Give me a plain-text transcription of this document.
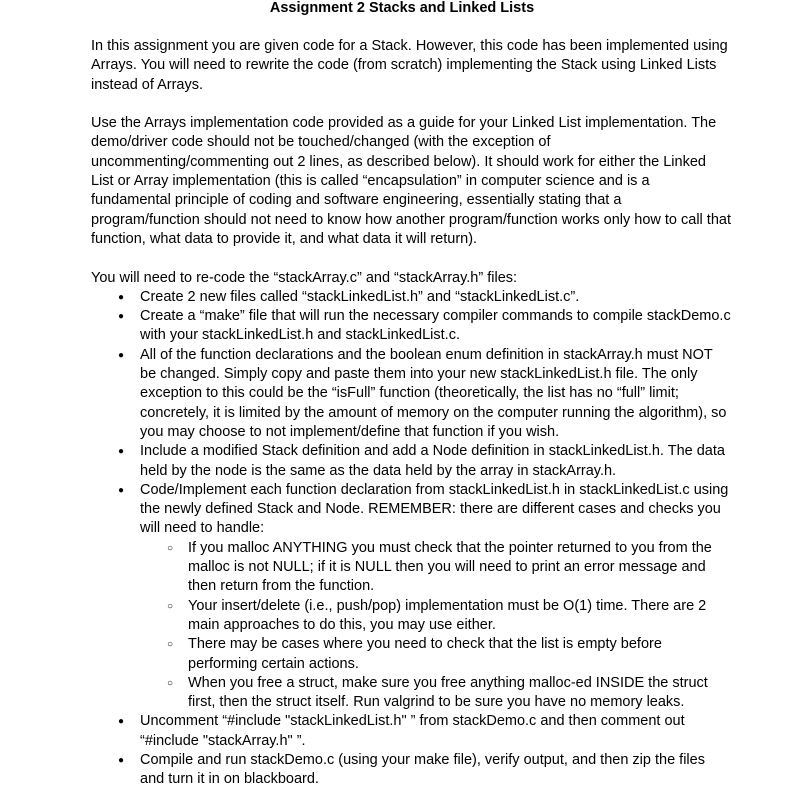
Assignment 2 Stacks and Linked Lists

In this assignment you are given code for a Stack. However, this code has been implemented using Arrays. You will need to rewrite the code (from scratch) implementing the Stack using Linked Lists instead of Arrays.

Use the Arrays implementation code provided as a guide for your Linked List implementation. The demo/driver code should not be touched/changed (with the exception of uncommenting/commenting out 2 lines, as described below). It should work for either the Linked List or Array implementation (this is called “encapsulation” in computer science and is a fundamental principle of coding and software engineering, essentially stating that a program/function should not need to know how another program/function works only how to call that function, what data to provide it, and what data it will return).

You will need to re-code the “stackArray.c” and “stackArray.h” files:

● Create 2 new files called “stackLinkedList.h” and “stackLinkedList.c”.
● Create a “make” file that will run the necessary compiler commands to compile stackDemo.c with your stackLinkedList.h and stackLinkedList.c.
● All of the function declarations and the boolean enum definition in stackArray.h must NOT be changed. Simply copy and paste them into your new stackLinkedList.h file. The only exception to this could be the “isFull” function (theoretically, the list has no “full” limit; concretely, it is limited by the amount of memory on the computer running the algorithm), so you may choose to not implement/define that function if you wish.
● Include a modified Stack definition and add a Node definition in stackLinkedList.h. The data held by the node is the same as the data held by the array in stackArray.h.
● Code/Implement each function declaration from stackLinkedList.h in stackLinkedList.c using the newly defined Stack and Node. REMEMBER: there are different cases and checks you will need to handle:
○ If you malloc ANYTHING you must check that the pointer returned to you from the malloc is not NULL; if it is NULL then you will need to print an error message and then return from the function.
○ Your insert/delete (i.e., push/pop) implementation must be O(1) time. There are 2 main approaches to do this, you may use either.
○ There may be cases where you need to check that the list is empty before performing certain actions.
○ When you free a struct, make sure you free anything malloc-ed INSIDE the struct first, then the struct itself. Run valgrind to be sure you have no memory leaks.
● Uncomment “#include "stackLinkedList.h" ” from stackDemo.c and then comment out “#include "stackArray.h" ”.
● Compile and run stackDemo.c (using your make file), verify output, and then zip the files and turn it in on blackboard.
